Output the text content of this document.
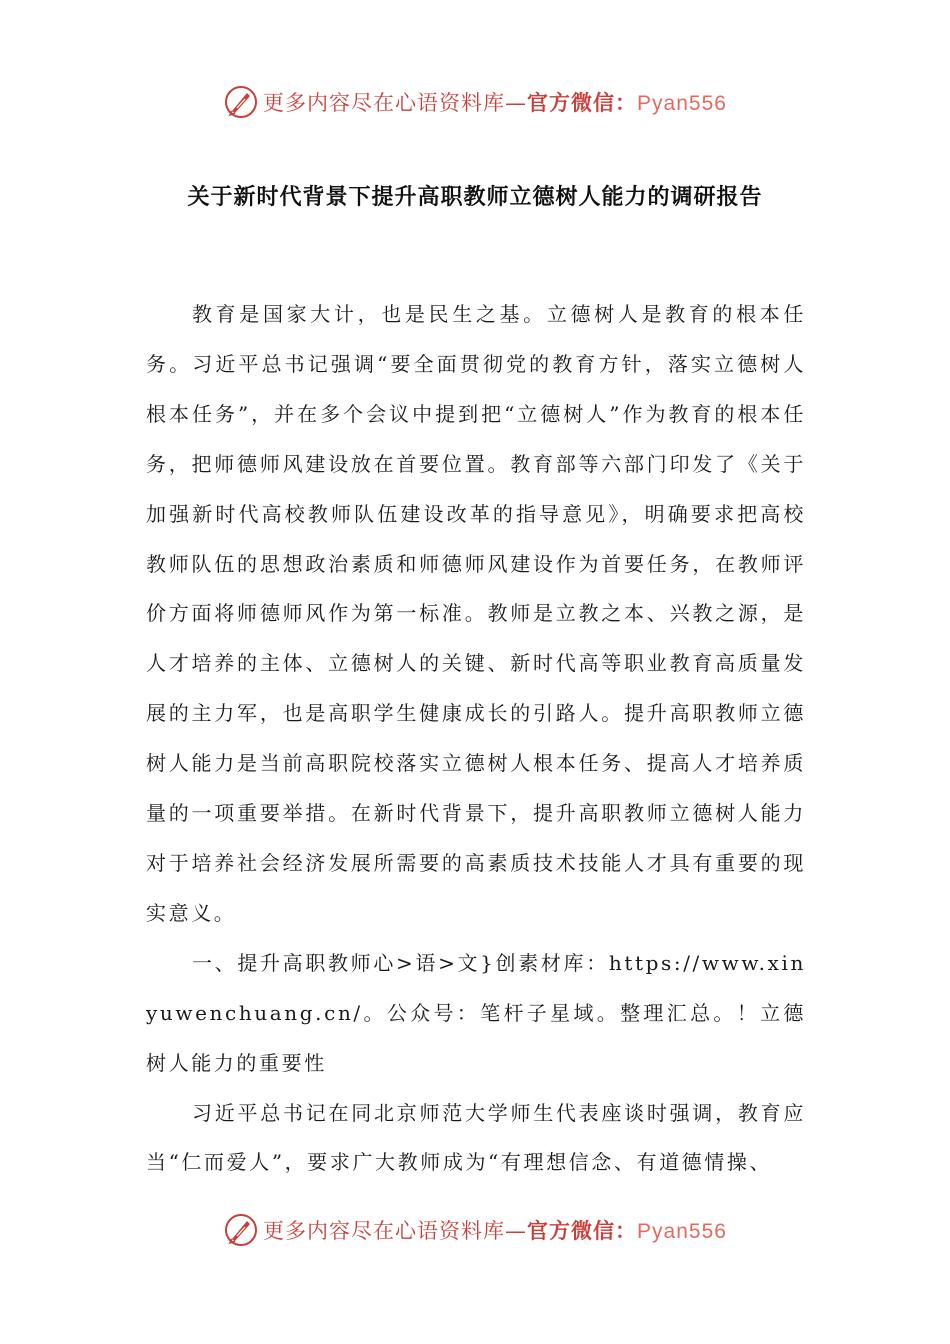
更多内容尽在心语资料库—官方微信：Pyan556
关于新时代背景下提升高职教师立德树人能力的调研报告

教育是国家大计，也是民生之基。立德树人是教育的根本任务。习近平总书记强调“要全面贯彻党的教育方针，落实立德树人根本任务”，并在多个会议中提到把“立德树人”作为教育的根本任务，把师德师风建设放在首要位置。教育部等六部门印发了《关于加强新时代高校教师队伍建设改革的指导意见》，明确要求把高校教师队伍的思想政治素质和师德师风建设作为首要任务，在教师评价方面将师德师风作为第一标准。教师是立教之本、兴教之源，是人才培养的主体、立德树人的关键、新时代高等职业教育高质量发展的主力军，也是高职学生健康成长的引路人。提升高职教师立德树人能力是当前高职院校落实立德树人根本任务、提高人才培养质量的一项重要举措。在新时代背景下，提升高职教师立德树人能力对于培养社会经济发展所需要的高素质技术技能人才具有重要的现实意义。

一、提升高职教师心>语>文}创素材库：https://www.xinyuwenchuang.cn/。公众号：笔杆子星域。整理汇总。！立德树人能力的重要性

习近平总书记在同北京师范大学师生代表座谈时强调，教育应当“仁而爱人”，要求广大教师成为“有理想信念、有道德情操、

更多内容尽在心语资料库—官方微信：Pyan556
